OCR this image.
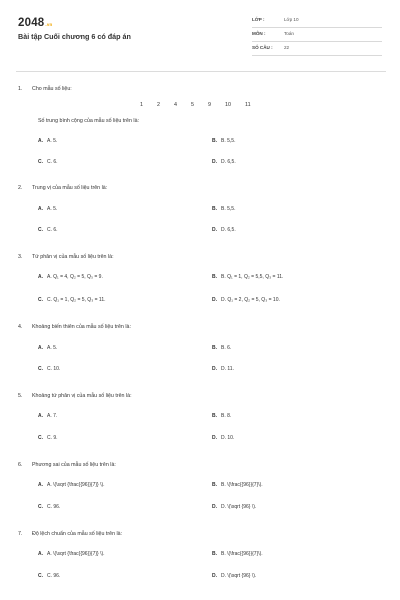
2048.vn
Bài tập Cuối chương 6 có đáp án
LỚP :	Lớp 10
MÔN :	Toán
SỐ CÂU : 22
1. Cho mẫu số liệu:
1	2	4	5	9	10	11
Số trung bình cộng của mẫu số liệu trên là:
A. A. 5.	B. B. 5,5.
C. C. 6.	D. D. 6,5.
2. Trung vị của mẫu số liệu trên là:
A. A. 5.	B. B. 5,5.
C. C. 6.	D. D. 6,5.
3. Tứ phân vị của mẫu số liệu trên là:
A. A. Q₁ = 4, Q₂ = 5, Q₃ = 9.	B. B. Q₁ = 1, Q₂ = 5,5, Q₃ = 11.
C. C. Q₁ = 1, Q₂ = 5, Q₃ = 11.	D. D. Q₁ = 2, Q₂ = 5, Q₃ = 10.
4. Khoảng biến thiên của mẫu số liệu trên là:
A. A. 5.	B. B. 6.
C. C. 10.	D. D. 11.
5. Khoảng tứ phân vị của mẫu số liệu trên là:
A. A. 7.	B. B. 8.
C. C. 9.	D. D. 10.
6. Phương sai của mẫu số liệu trên là:
A. A. \(\sqrt {\frac{{96}}{7}} \).	B. B. \(\frac{{96}}{7}\).
C. C. 96.	D. D. \(\sqrt {96} \).
7. Độ lệch chuẩn của mẫu số liệu trên là:
A. A. \(\sqrt {\frac{{96}}{7}} \).	B. B. \(\frac{{96}}{7}\).
C. C. 96.	D. D. \(\sqrt {96} \).
